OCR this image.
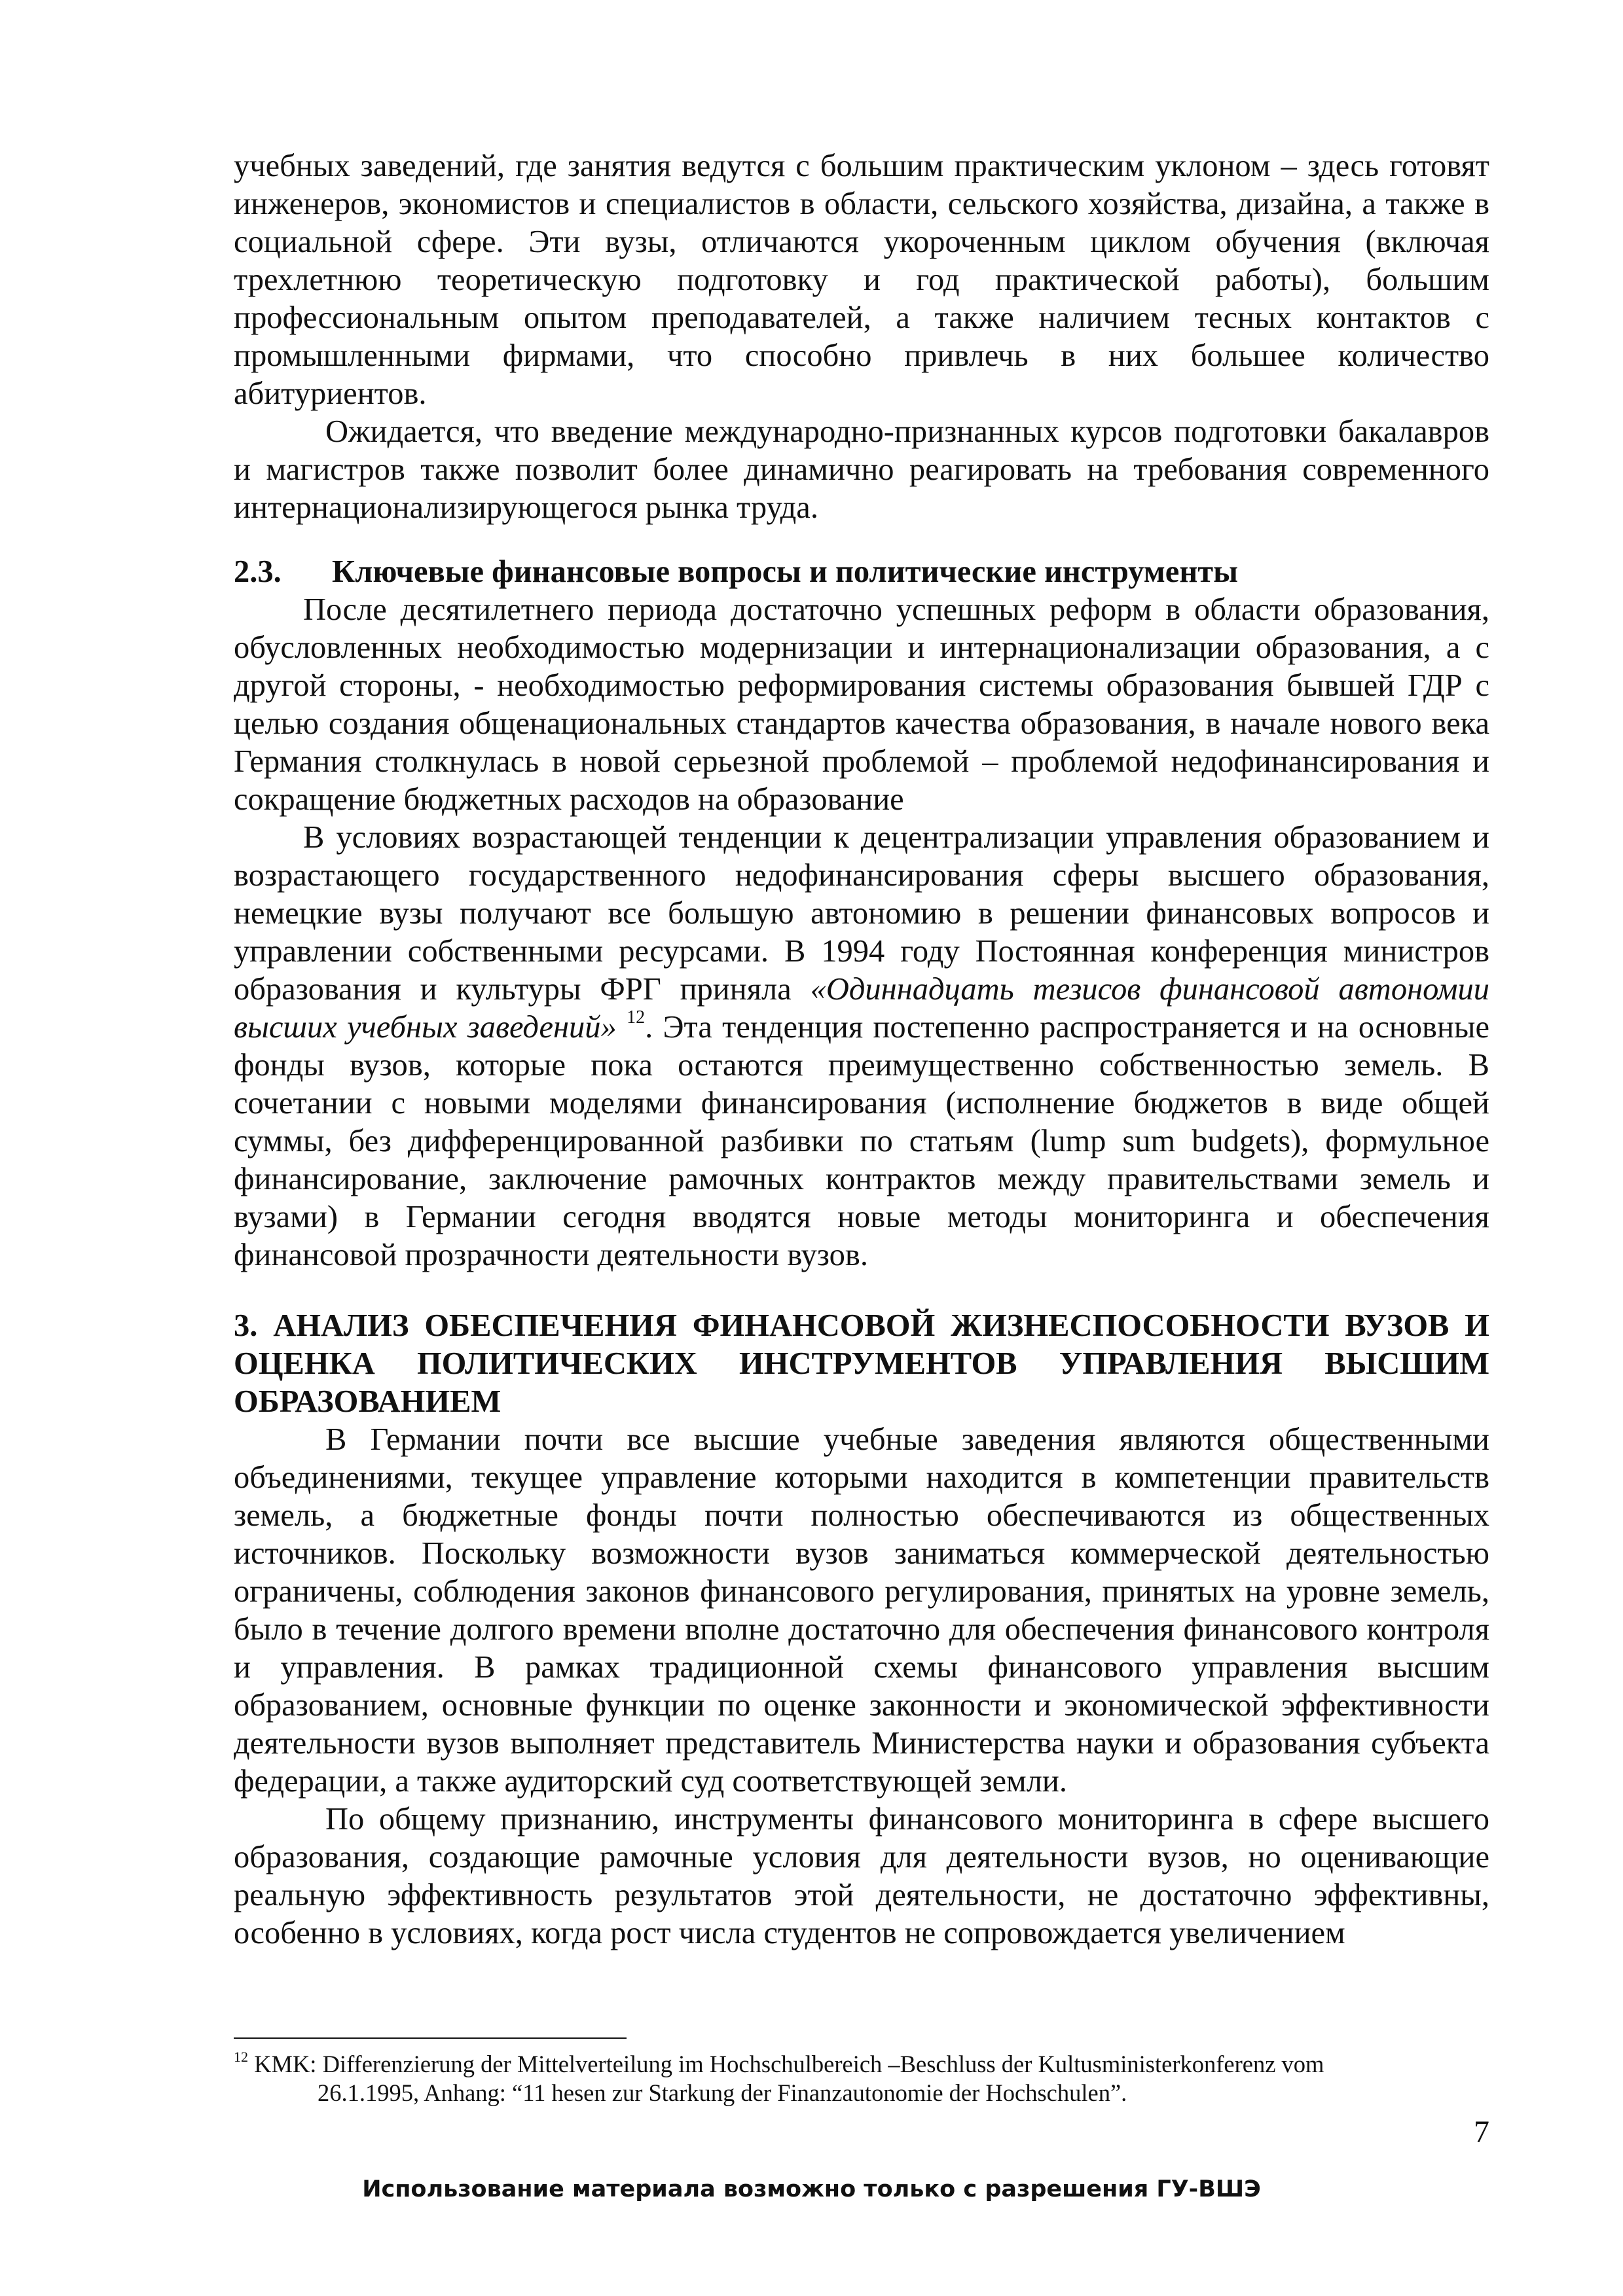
учебных заведений, где занятия ведутся с большим практическим уклоном – здесь готовят инженеров, экономистов и специалистов в области, сельского хозяйства, дизайна, а также в социальной сфере. Эти вузы, отличаются укороченным циклом обучения (включая трехлетнюю теоретическую подготовку и год практической работы), большим профессиональным опытом преподавателей, а также наличием тесных контактов с промышленными фирмами, что способно привлечь в них большее количество абитуриентов.

Ожидается, что введение международно-признанных курсов подготовки бакалавров и магистров также позволит более динамично реагировать на требования современного интернационализирующегося рынка труда.

2.3.	Ключевые финансовые вопросы и политические инструменты

После десятилетнего периода достаточно успешных реформ в области образования, обусловленных необходимостью модернизации и интернационализации образования, а с другой стороны, - необходимостью реформирования системы образования бывшей ГДР с целью создания общенациональных стандартов качества образования, в начале нового века Германия столкнулась в новой серьезной проблемой – проблемой недофинансирования и сокращение бюджетных расходов на образование

В условиях возрастающей тенденции к децентрализации управления образованием и возрастающего государственного недофинансирования сферы высшего образования, немецкие вузы получают все большую автономию в решении финансовых вопросов и управлении собственными ресурсами. В 1994 году Постоянная конференция министров образования и культуры ФРГ приняла «Одиннадцать тезисов финансовой автономии высших учебных заведений» $^{12}$. Эта тенденция постепенно распространяется и на основные фонды вузов, которые пока остаются преимущественно собственностью земель. В сочетании с новыми моделями финансирования (исполнение бюджетов в виде общей суммы, без дифференцированной разбивки по статьям (lump sum budgets), формульное финансирование, заключение рамочных контрактов между правительствами земель и вузами) в Германии сегодня вводятся новые методы мониторинга и обеспечения финансовой прозрачности деятельности вузов.

3. АНАЛИЗ ОБЕСПЕЧЕНИЯ ФИНАНСОВОЙ ЖИЗНЕСПОСОБНОСТИ ВУЗОВ И ОЦЕНКА ПОЛИТИЧЕСКИХ ИНСТРУМЕНТОВ УПРАВЛЕНИЯ ВЫСШИМ ОБРАЗОВАНИЕМ

В Германии почти все высшие учебные заведения являются общественными объединениями, текущее управление которыми находится в компетенции правительств земель, а бюджетные фонды почти полностью обеспечиваются из общественных источников. Поскольку возможности вузов заниматься коммерческой деятельностью ограничены, соблюдения законов финансового регулирования, принятых на уровне земель, было в течение долгого времени вполне достаточно для обеспечения финансового контроля и управления. В рамках традиционной схемы финансового управления высшим образованием, основные функции по оценке законности и экономической эффективности деятельности вузов выполняет представитель Министерства науки и образования субъекта федерации, а также аудиторский суд соответствующей земли.

По общему признанию, инструменты финансового мониторинга в сфере высшего образования, создающие рамочные условия для деятельности вузов, но оценивающие реальную эффективность результатов этой деятельности, не достаточно эффективны, особенно в условиях, когда рост числа студентов не сопровождается увеличением

$^{12}$ KMK: Differenzierung der Mittelverteilung im Hochschulbereich –Beschluss der Kultusministerkonferenz vom
26.1.1995, Anhang: “11 hesen zur Starkung der Finanzautonomie der Hochschulen”.
7
Использование материала возможно только с разрешения ГУ-ВШЭ
